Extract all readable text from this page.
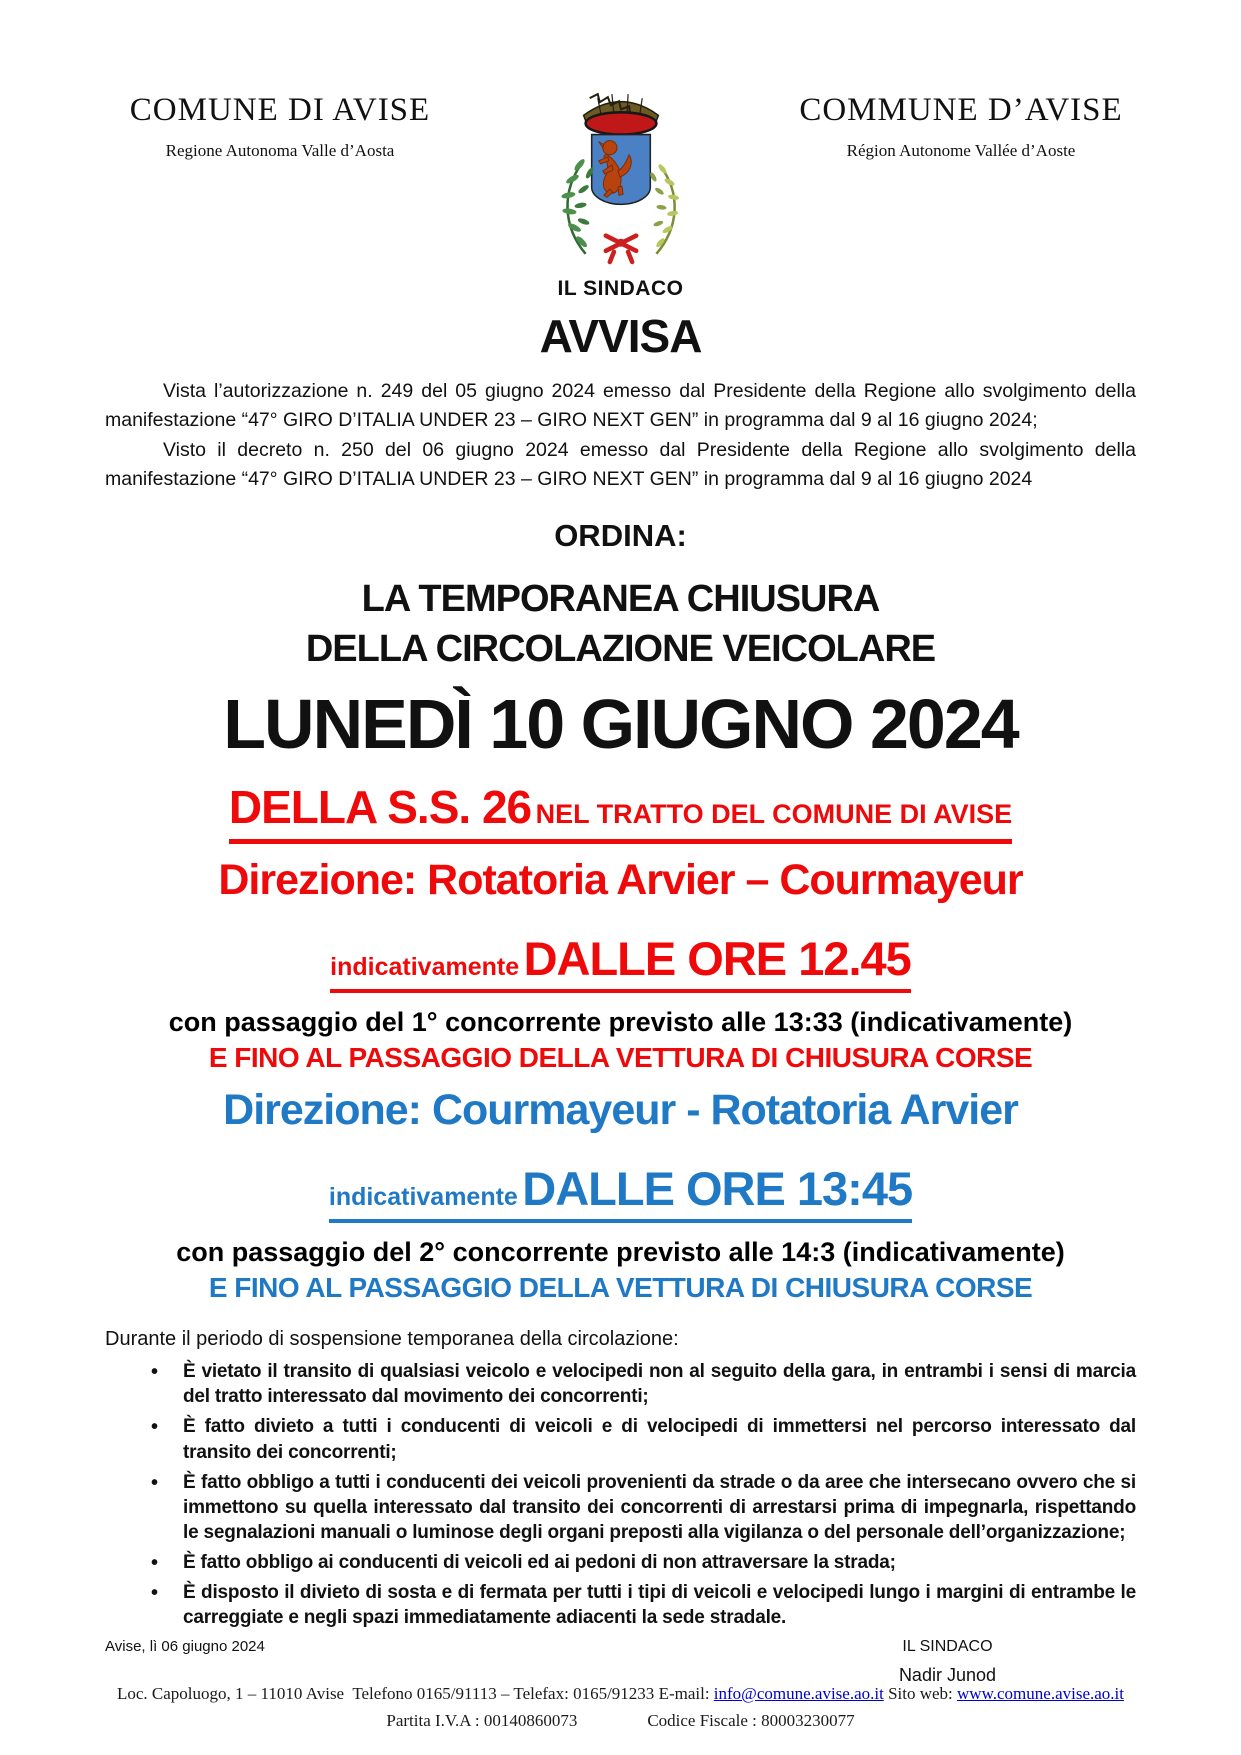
COMUNE DI AVISE
Regione Autonoma Valle d’Aosta
COMMUNE D’AVISE
Région Autonome Vallée d’Aoste
IL SINDACO
AVVISA

Vista l’autorizzazione n. 249 del 05 giugno 2024 emesso dal Presidente della Regione allo svolgimento della manifestazione “47° GIRO D’ITALIA UNDER 23 – GIRO NEXT GEN” in programma dal 9 al 16 giugno 2024;

Visto il decreto n. 250 del 06 giugno 2024 emesso dal Presidente della Regione allo svolgimento della manifestazione “47° GIRO D’ITALIA UNDER 23 – GIRO NEXT GEN” in programma dal 9 al 16 giugno 2024

ORDINA:
LA TEMPORANEA CHIUSURA
DELLA CIRCOLAZIONE VEICOLARE
LUNEDÌ 10 GIUGNO 2024
DELLA S.S. 26 NEL TRATTO DEL COMUNE DI AVISE
Direzione: Rotatoria Arvier – Courmayeur
indicativamente DALLE ORE 12.45
con passaggio del 1° concorrente previsto alle 13:33 (indicativamente)
E FINO AL PASSAGGIO DELLA VETTURA DI CHIUSURA CORSE
Direzione: Courmayeur - Rotatoria Arvier
indicativamente DALLE ORE 13:45
con passaggio del 2° concorrente previsto alle 14:3 (indicativamente)
E FINO AL PASSAGGIO DELLA VETTURA DI CHIUSURA CORSE
Durante il periodo di sospensione temporanea della circolazione:
• È vietato il transito di qualsiasi veicolo e velocipedi non al seguito della gara, in entrambi i sensi di marcia del tratto interessato dal movimento dei concorrenti;
• È fatto divieto a tutti i conducenti di veicoli e di velocipedi di immettersi nel percorso interessato dal transito dei concorrenti;
• È fatto obbligo a tutti i conducenti dei veicoli provenienti da strade o da aree che intersecano ovvero che si immettono su quella interessato dal transito dei concorrenti di arrestarsi prima di impegnarla, rispettando le segnalazioni manuali o luminose degli organi preposti alla vigilanza o del personale dell’organizzazione;
• È fatto obbligo ai conducenti di veicoli ed ai pedoni di non attraversare la strada;
• È disposto il divieto di sosta e di fermata per tutti i tipi di veicoli e velocipedi lungo i margini di entrambe le carreggiate e negli spazi immediatamente adiacenti la sede stradale.
Avise, lì 06 giugno 2024	IL SINDACO
Nadir Junod
Loc. Capoluogo, 1 – 11010 Avise Telefono 0165/91113 – Telefax: 0165/91233 E-mail: info@comune.avise.ao.it Sito web: www.comune.avise.ao.it
Partita I.V.A : 00140860073	Codice Fiscale : 80003230077
